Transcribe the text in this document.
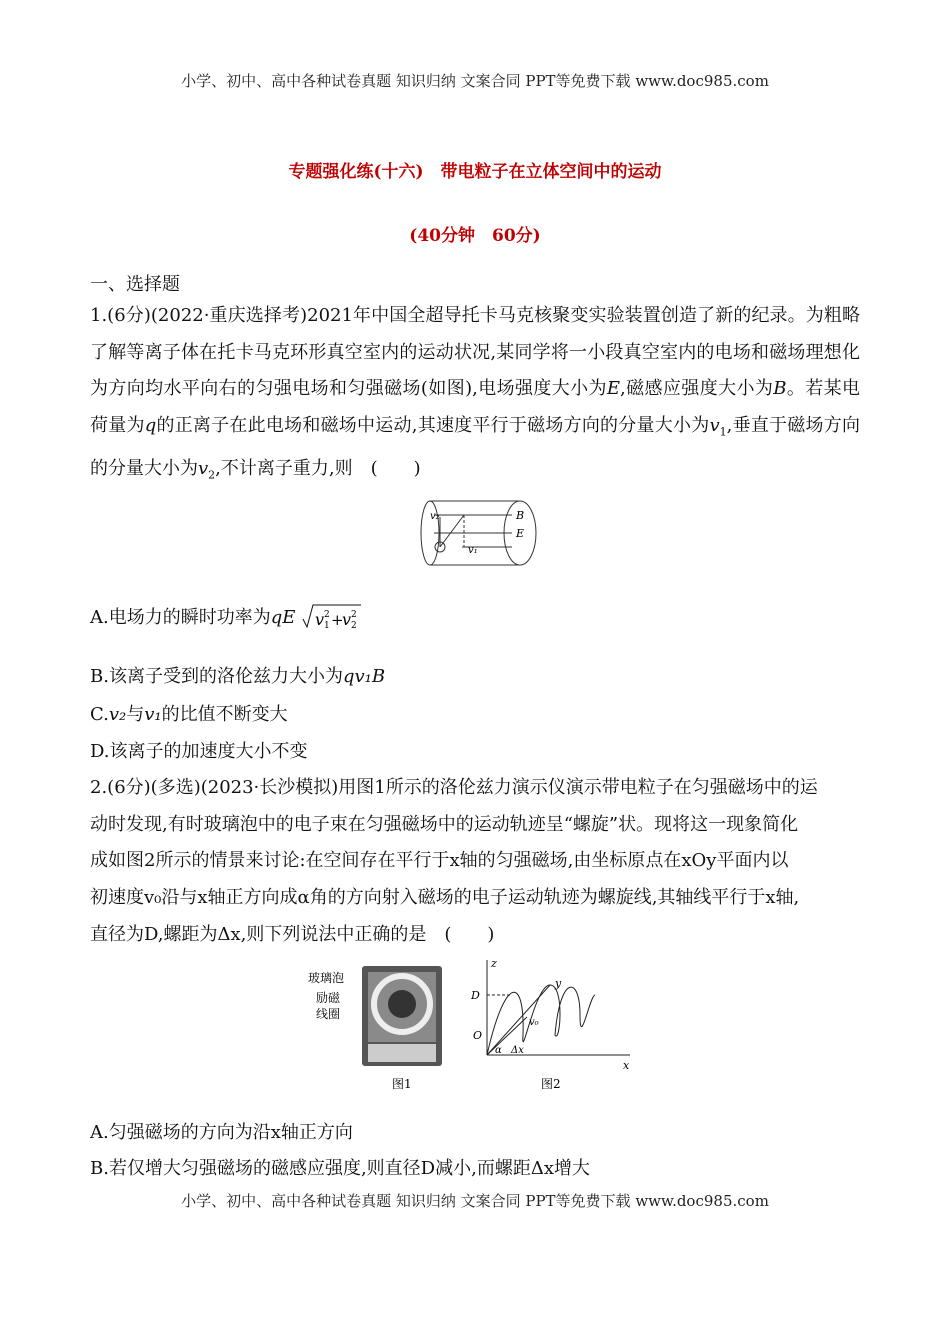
小学、初中、高中各种试卷真题 知识归纳 文案合同 PPT等免费下载 www.doc985.com
专题强化练(十六)　带电粒子在立体空间中的运动
(40分钟　60分)
一、选择题
1.(6分)(2022·重庆选择考)2021年中国全超导托卡马克核聚变实验装置创造了新的纪录。为粗略了解等离子体在托卡马克环形真空室内的运动状况,某同学将一小段真空室内的电场和磁场理想化为方向均水平向右的匀强电场和匀强磁场(如图),电场强度大小为E,磁感应强度大小为B。若某电荷量为q的正离子在此电场和磁场中运动,其速度平行于磁场方向的分量大小为$v_1$,垂直于磁场方向的分量大小为$v_2$,不计离子重力,则　(　　)
v₂
v₁
B
E
A.电场力的瞬时功率为qE v 1
2 +
v 2
2
B.该离子受到的洛伦兹力大小为qv₁B
C.v₂与v₁的比值不断变大
D.该离子的加速度大小不变
2.(6分)(多选)(2023·长沙模拟)用图1所示的洛伦兹力演示仪演示带电粒子在匀强磁场中的运
动时发现,有时玻璃泡中的电子束在匀强磁场中的运动轨迹呈“螺旋”状。现将这一现象简化
成如图2所示的情景来讨论:在空间存在平行于x轴的匀强磁场,由坐标原点在xOy平面内以
初速度v₀沿与x轴正方向成α角的方向射入磁场的电子运动轨迹为螺旋线,其轴线平行于x轴,
直径为D,螺距为Δx,则下列说法中正确的是　(　　)
玻璃泡
励磁
线圈
图1
z
y
x
D
O
v₀
α Δx
图2
A.匀强磁场的方向为沿x轴正方向
B.若仅增大匀强磁场的磁感应强度,则直径D减小,而螺距Δx增大
小学、初中、高中各种试卷真题 知识归纳 文案合同 PPT等免费下载 www.doc985.com
